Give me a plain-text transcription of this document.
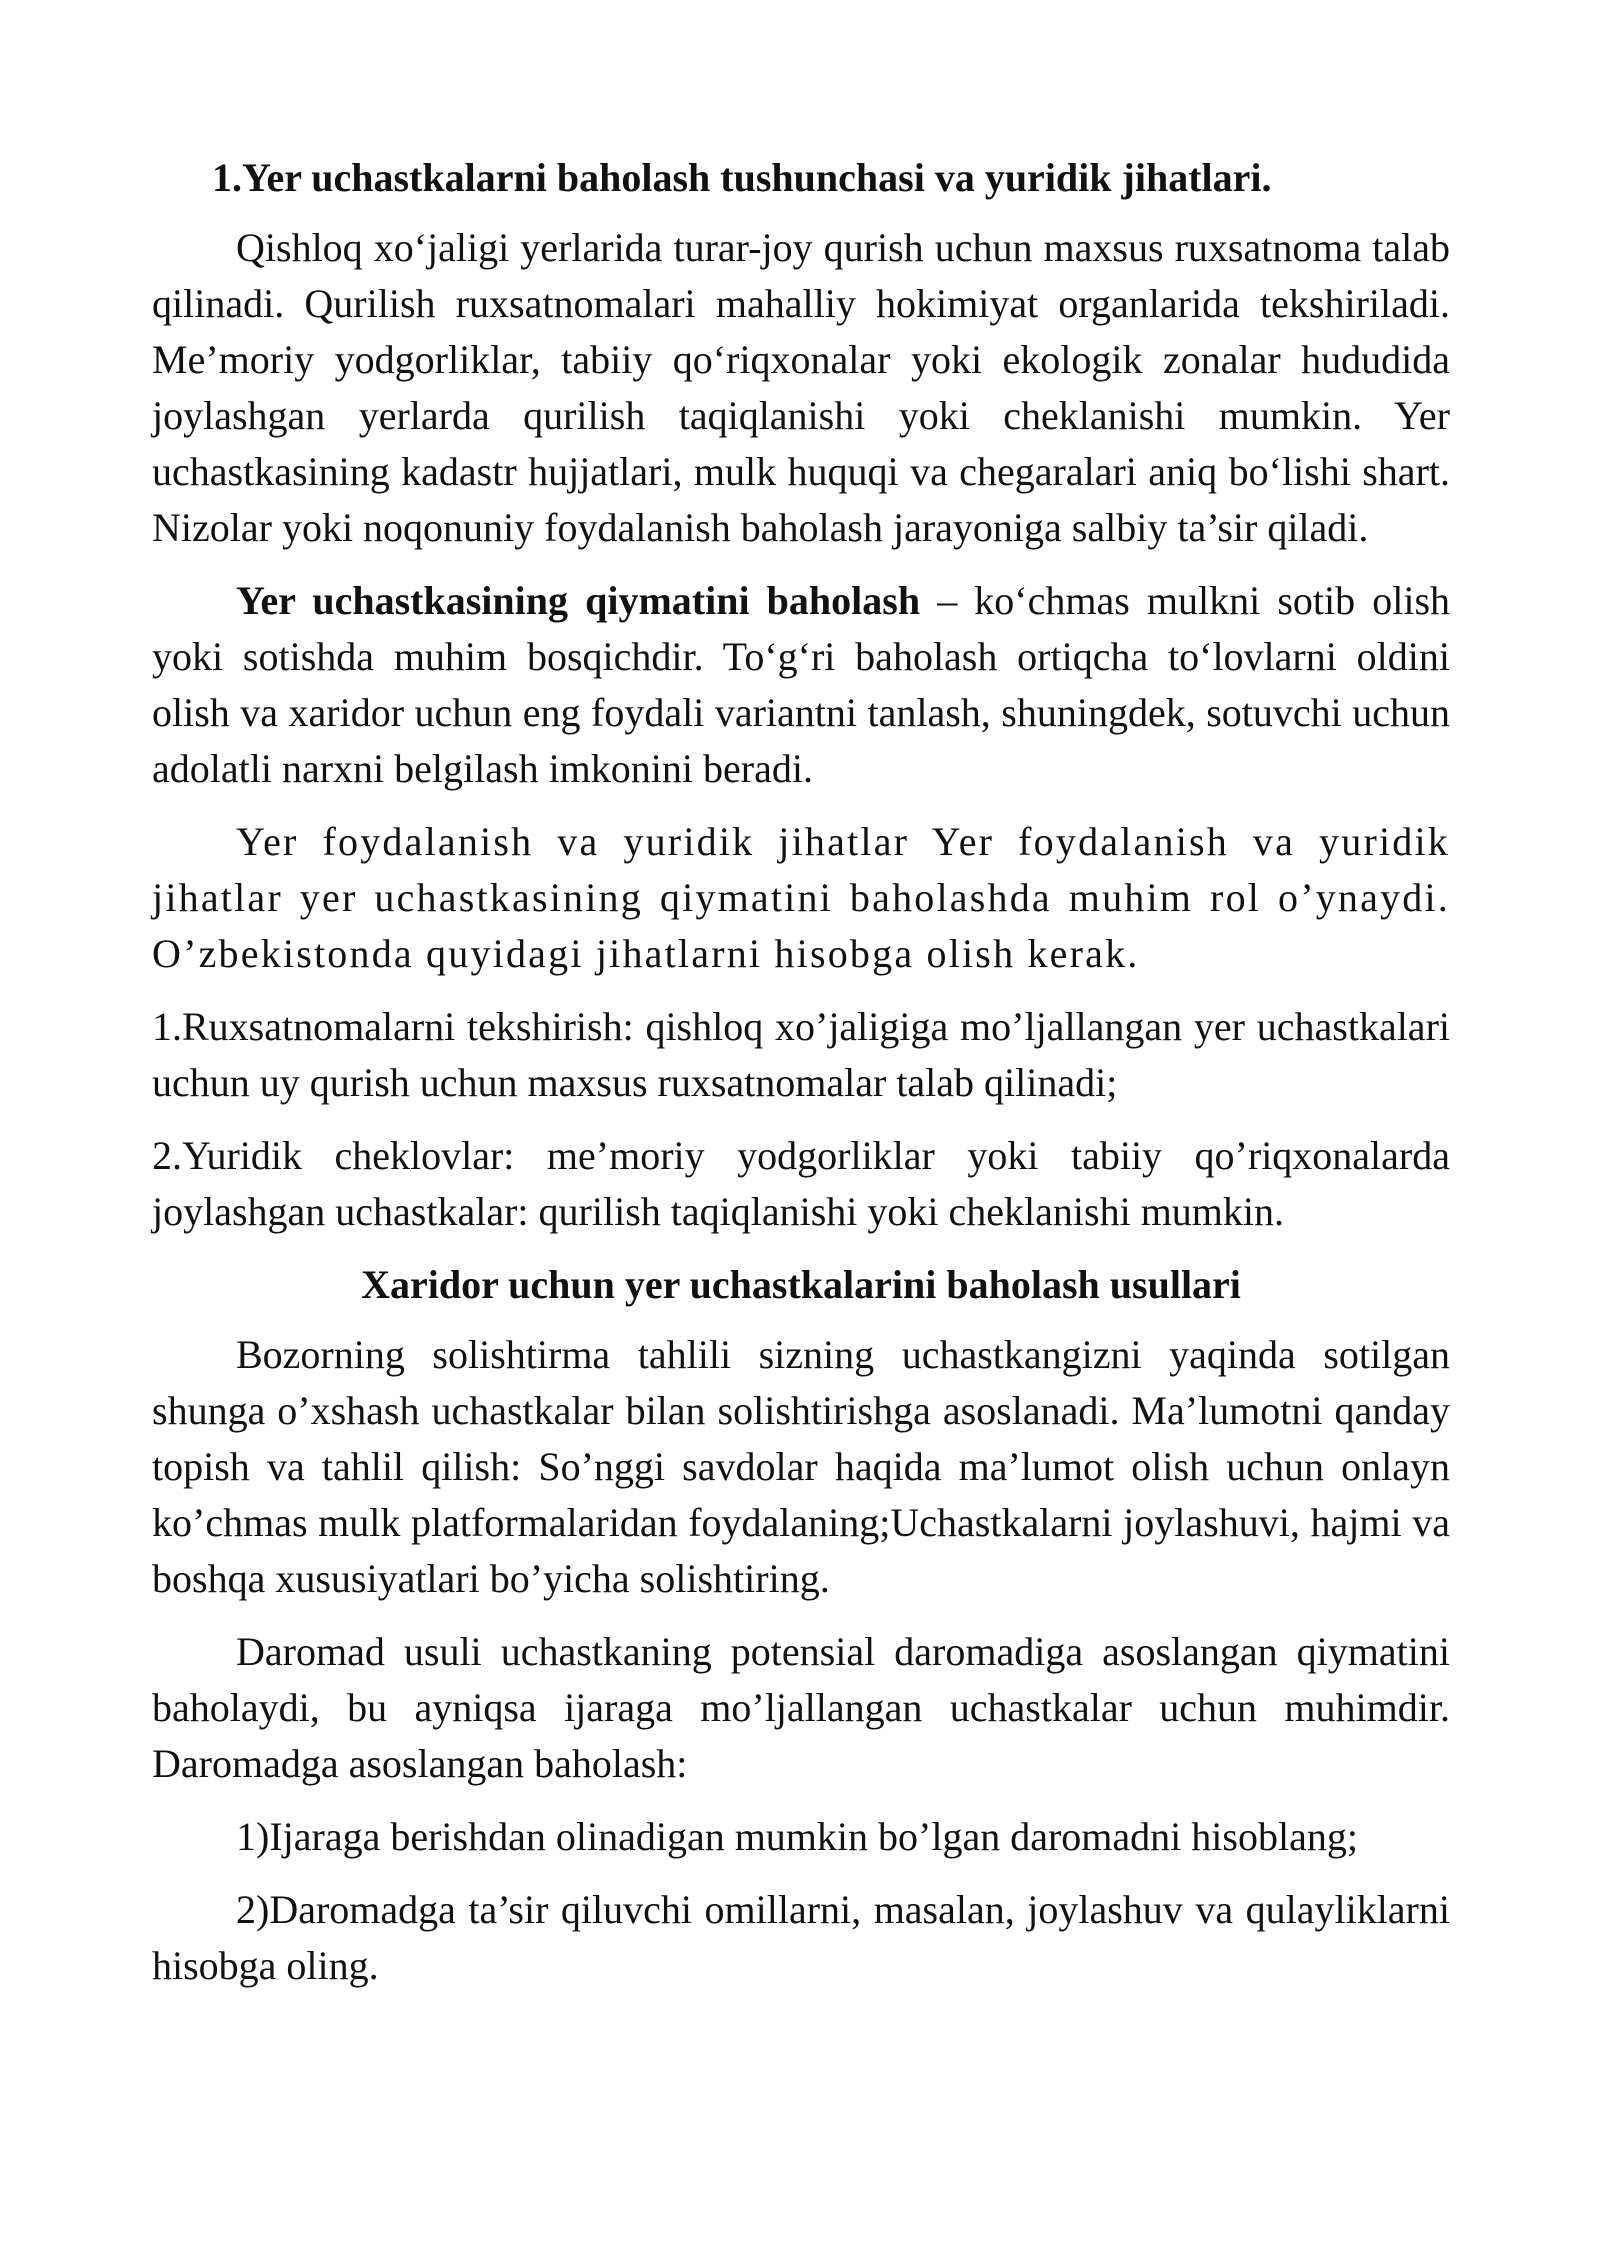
1.Yer uchastkalarni baholash tushunchasi va yuridik jihatlari.

Qishloq xo‘jaligi yerlarida turar-joy qurish uchun maxsus ruxsatnoma talab qilinadi. Qurilish ruxsatnomalari mahalliy hokimiyat organlarida tekshiriladi. Me’moriy yodgorliklar, tabiiy qo‘riqxonalar yoki ekologik zonalar hududida joylashgan yerlarda qurilish taqiqlanishi yoki cheklanishi mumkin. Yer uchastkasining kadastr hujjatlari, mulk huquqi va chegaralari aniq bo‘lishi shart. Nizolar yoki noqonuniy foydalanish baholash jarayoniga salbiy ta’sir qiladi.

Yer uchastkasining qiymatini baholash – ko‘chmas mulkni sotib olish yoki sotishda muhim bosqichdir. To‘g‘ri baholash ortiqcha to‘lovlarni oldini olish va xaridor uchun eng foydali variantni tanlash, shuningdek, sotuvchi uchun adolatli narxni belgilash imkonini beradi.

Yer foydalanish va yuridik jihatlar Yer foydalanish va yuridik jihatlar yer uchastkasining qiymatini baholashda muhim rol o’ynaydi. O’zbekistonda quyidagi jihatlarni hisobga olish kerak.

1.Ruxsatnomalarni tekshirish: qishloq xo’jaligiga mo’ljallangan yer uchastkalari uchun uy qurish uchun maxsus ruxsatnomalar talab qilinadi;

2.Yuridik cheklovlar: me’moriy yodgorliklar yoki tabiiy qo’riqxonalarda joylashgan uchastkalar: qurilish taqiqlanishi yoki cheklanishi mumkin.

Xaridor uchun yer uchastkalarini baholash usullari

Bozorning solishtirma tahlili sizning uchastkangizni yaqinda sotilgan shunga o’xshash uchastkalar bilan solishtirishga asoslanadi. Ma’lumotni qanday topish va tahlil qilish: So’nggi savdolar haqida ma’lumot olish uchun onlayn ko’chmas mulk platformalaridan foydalaning;Uchastkalarni joylashuvi, hajmi va boshqa xususiyatlari bo’yicha solishtiring.

Daromad usuli uchastkaning potensial daromadiga asoslangan qiymatini baholaydi, bu ayniqsa ijaraga mo’ljallangan uchastkalar uchun muhimdir. Daromadga asoslangan baholash:

1)Ijaraga berishdan olinadigan mumkin bo’lgan daromadni hisoblang;

2)Daromadga ta’sir qiluvchi omillarni, masalan, joylashuv va qulayliklarni hisobga oling.
